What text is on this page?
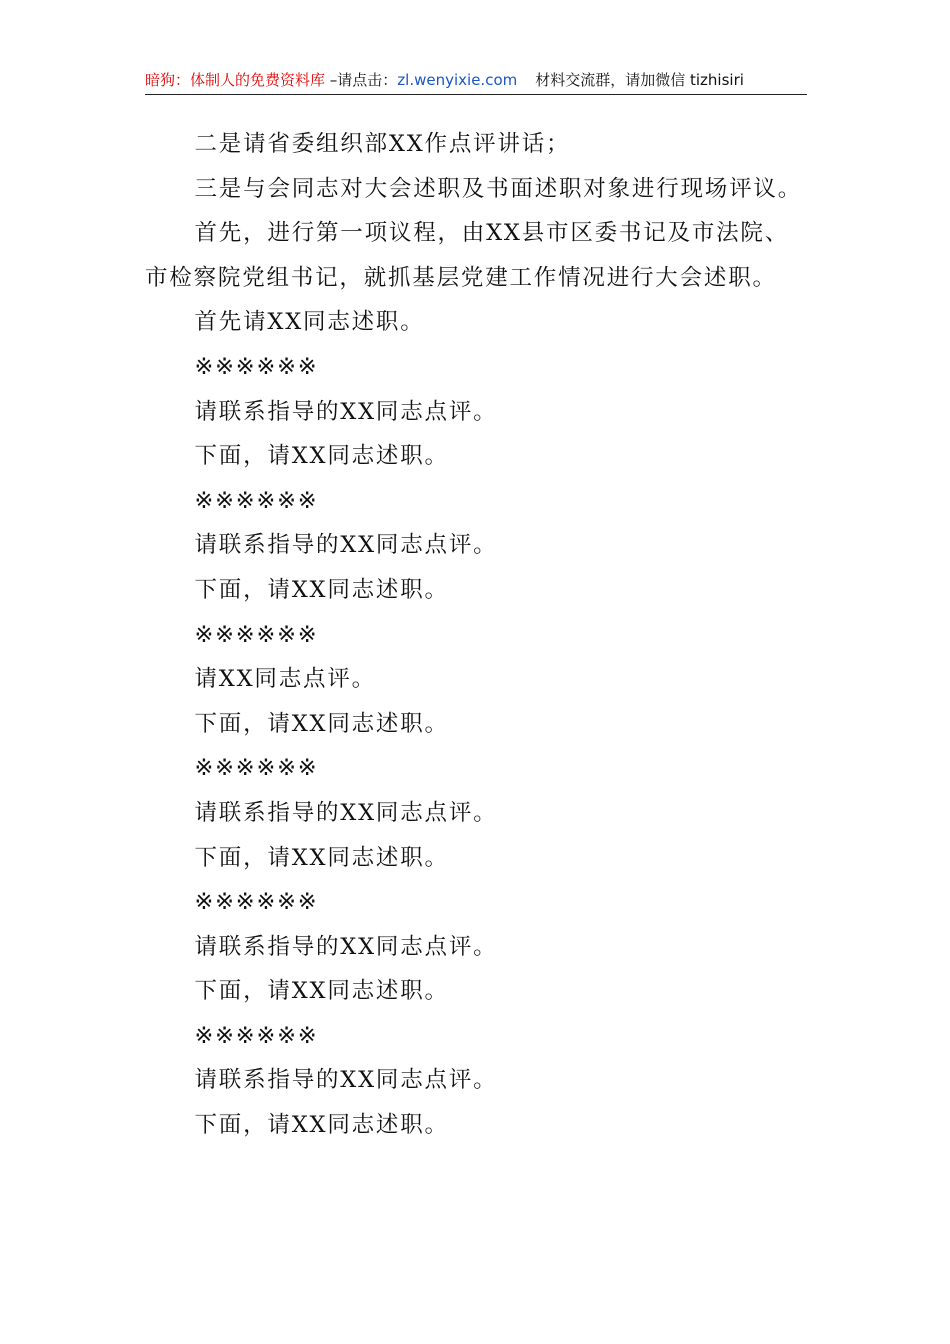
暗狗：体制人的免费资料库 –请点击：zl.wenyixie.com 材料交流群，请加微信 tizhisiri

二是请省委组织部XX作点评讲话；

三是与会同志对大会述职及书面述职对象进行现场评议。

首先，进行第一项议程，由XX县市区委书记及市法院、市检察院党组书记，就抓基层党建工作情况进行大会述职。

首先请XX同志述职。

※※※※※※

请联系指导的XX同志点评。

下面，请XX同志述职。

※※※※※※

请联系指导的XX同志点评。

下面，请XX同志述职。

※※※※※※

请XX同志点评。

下面，请XX同志述职。

※※※※※※

请联系指导的XX同志点评。

下面，请XX同志述职。

※※※※※※

请联系指导的XX同志点评。

下面，请XX同志述职。

※※※※※※

请联系指导的XX同志点评。

下面，请XX同志述职。
